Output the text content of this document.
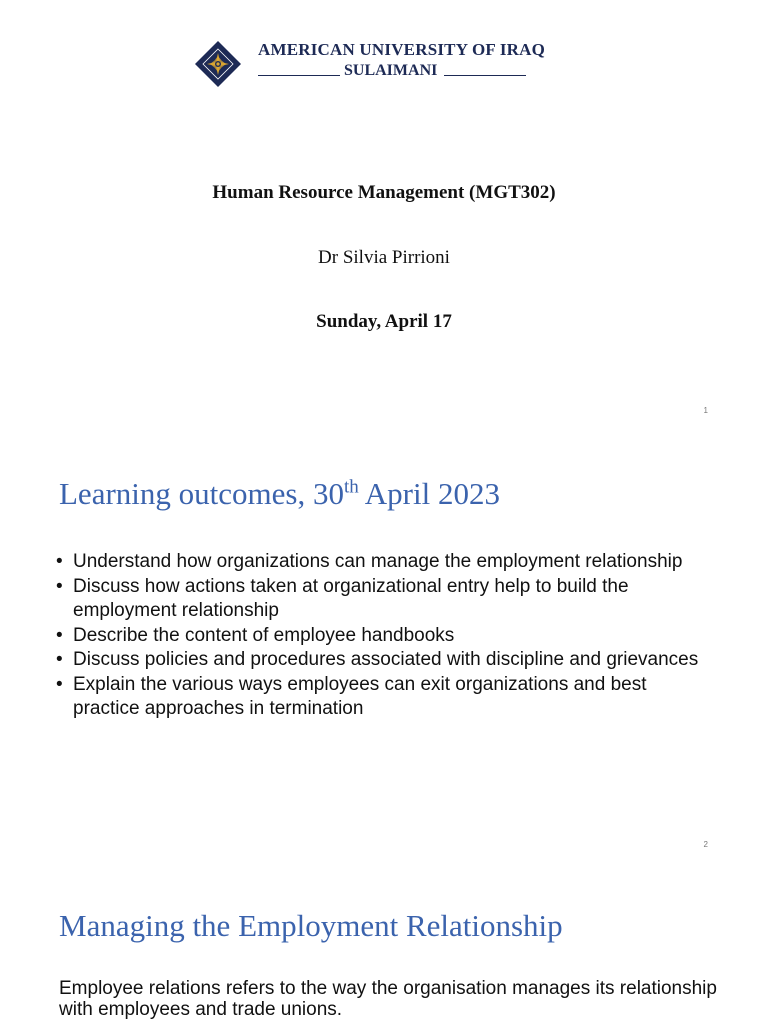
AMERICAN UNIVERSITY OF IRAQ
SULAIMANI
Human Resource Management (MGT302)
Dr Silvia Pirrioni
Sunday, April 17
1
Learning outcomes, 30th April 2023
• Understand how organizations can manage the employment relationship
• Discuss how actions taken at organizational entry help to build the employment relationship
• Describe the content of employee handbooks
• Discuss policies and procedures associated with discipline and grievances
• Explain the various ways employees can exit organizations and best practice approaches in termination
2
Managing the Employment Relationship
Employee relations refers to the way the organisation manages its relationship with employees and trade unions.
